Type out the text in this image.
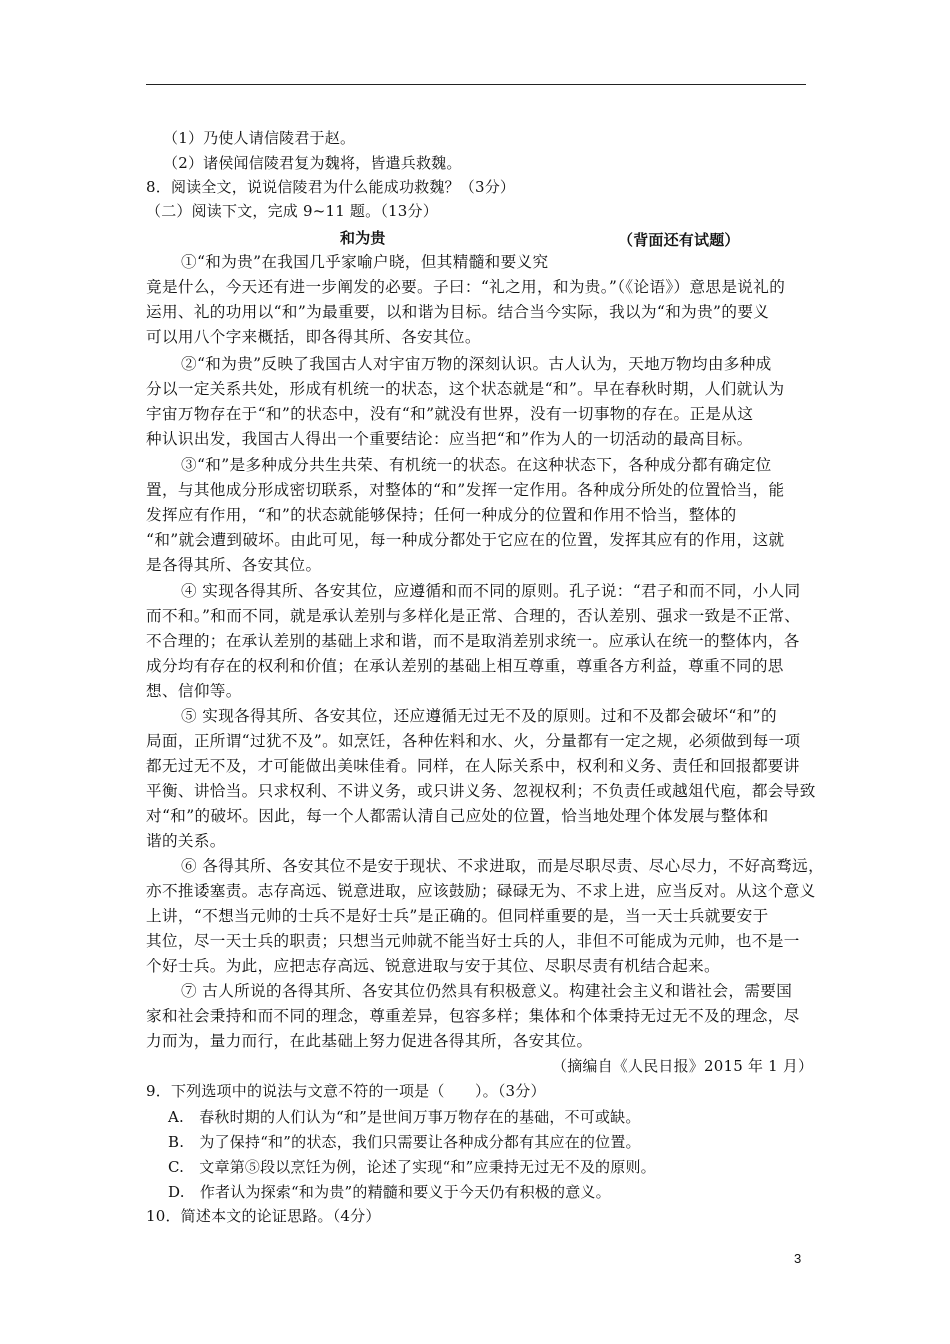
（1）乃使人请信陵君于赵。
（2）诸侯闻信陵君复为魏将，皆遣兵救魏。
8．阅读全文，说说信陵君为什么能成功救魏？（3分）
（二）阅读下文，完成 9~11 题。（13分）
和为贵	（背面还有试题）
①“和为贵”在我国几乎家喻户晓，但其精髓和要义究
竟是什么，今天还有进一步阐发的必要。子曰：“礼之用，和为贵。”（《论语》）意思是说礼的
运用、礼的功用以“和”为最重要，以和谐为目标。结合当今实际，我以为“和为贵”的要义
可以用八个字来概括，即各得其所、各安其位。
②“和为贵”反映了我国古人对宇宙万物的深刻认识。古人认为，天地万物均由多种成
分以一定关系共处，形成有机统一的状态，这个状态就是“和”。早在春秋时期，人们就认为
宇宙万物存在于“和”的状态中，没有“和”就没有世界，没有一切事物的存在。正是从这
种认识出发，我国古人得出一个重要结论：应当把“和”作为人的一切活动的最高目标。
③“和”是多种成分共生共荣、有机统一的状态。在这种状态下，各种成分都有确定位
置，与其他成分形成密切联系，对整体的“和”发挥一定作用。各种成分所处的位置恰当，能
发挥应有作用，“和”的状态就能够保持；任何一种成分的位置和作用不恰当，整体的
“和”就会遭到破坏。由此可见，每一种成分都处于它应在的位置，发挥其应有的作用，这就
是各得其所、各安其位。
④ 实现各得其所、各安其位，应遵循和而不同的原则。孔子说：“君子和而不同，小人同
而不和。”和而不同，就是承认差别与多样化是正常、合理的，否认差别、强求一致是不正常、
不合理的；在承认差别的基础上求和谐，而不是取消差别求统一。应承认在统一的整体内，各
成分均有存在的权利和价值；在承认差别的基础上相互尊重，尊重各方利益，尊重不同的思
想、信仰等。
⑤ 实现各得其所、各安其位，还应遵循无过无不及的原则。过和不及都会破坏“和”的
局面，正所谓“过犹不及”。如烹饪，各种佐料和水、火，分量都有一定之规，必须做到每一项
都无过无不及，才可能做出美味佳肴。同样，在人际关系中，权利和义务、责任和回报都要讲
平衡、讲恰当。只求权利、不讲义务，或只讲义务、忽视权利；不负责任或越俎代庖，都会导致
对“和”的破坏。因此，每一个人都需认清自己应处的位置，恰当地处理个体发展与整体和
谐的关系。
⑥ 各得其所、各安其位不是安于现状、不求进取，而是尽职尽责、尽心尽力，不好高骛远，
亦不推诿塞责。志存高远、锐意进取，应该鼓励；碌碌无为、不求上进，应当反对。从这个意义
上讲，“不想当元帅的士兵不是好士兵”是正确的。但同样重要的是，当一天士兵就要安于
其位，尽一天士兵的职责；只想当元帅就不能当好士兵的人，非但不可能成为元帅，也不是一
个好士兵。为此，应把志存高远、锐意进取与安于其位、尽职尽责有机结合起来。
⑦ 古人所说的各得其所、各安其位仍然具有积极意义。构建社会主义和谐社会，需要国
家和社会秉持和而不同的理念，尊重差异，包容多样；集体和个体秉持无过无不及的理念，尽
力而为，量力而行，在此基础上努力促进各得其所，各安其位。
（摘编自《人民日报》2015 年 1 月）
9．下列选项中的说法与文意不符的一项是（　　）。（3分）
A.　春秋时期的人们认为“和”是世间万事万物存在的基础，不可或缺。
B.　为了保持“和”的状态，我们只需要让各种成分都有其应在的位置。
C.　文章第⑤段以烹饪为例，论述了实现“和”应秉持无过无不及的原则。
D.　作者认为探索“和为贵”的精髓和要义于今天仍有积极的意义。
10．简述本文的论证思路。（4分）
3
